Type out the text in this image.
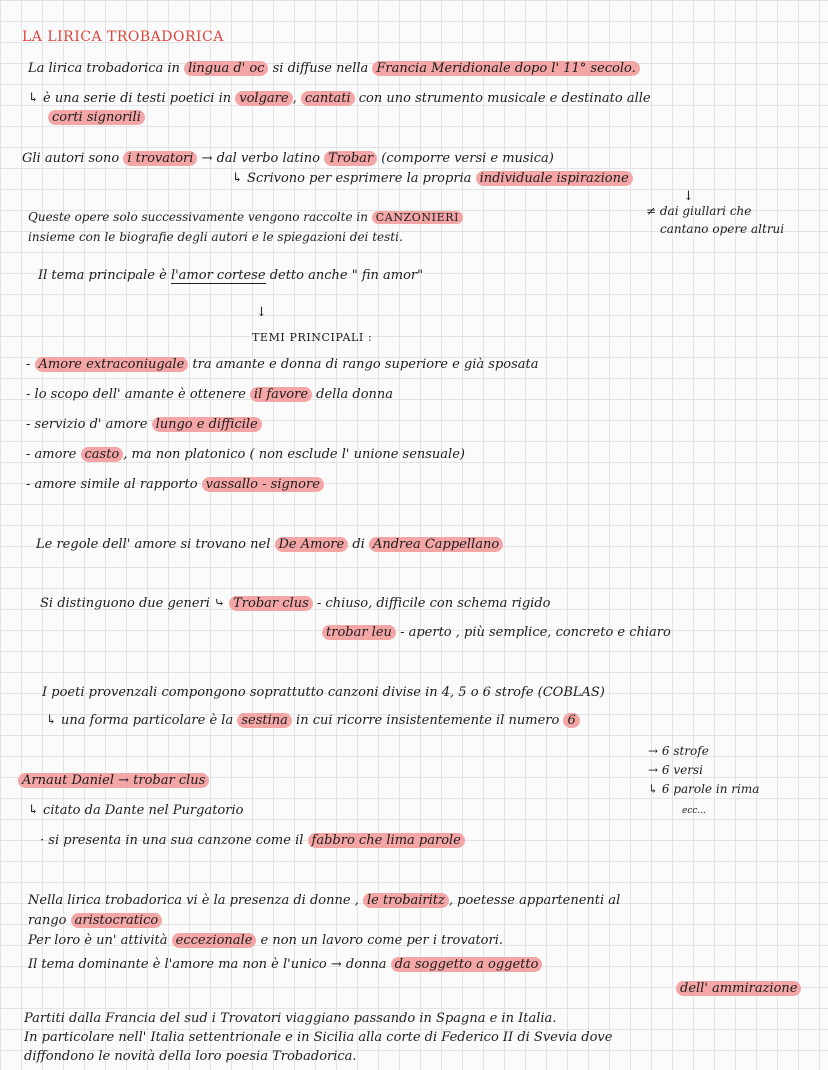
LA LIRICA TROBADORICA
La lirica trobadorica in lingua d' oc si diffuse nella Francia Meridionale dopo l' 11° secolo.
↳ è una serie di testi poetici in volgare , cantati con uno strumento musicale e destinato alle
corti signorili
Gli autori sono i trovatori → dal verbo latino Trobar (comporre versi e musica)
↳ Scrivono per esprimere la propria individuale ispirazione
Queste opere solo successivamente vengono raccolte in CANZONIERI
insieme con le biografie degli autori e le spiegazioni dei testi.
↓
≠ dai giullari che
cantano opere altrui
Il tema principale è l'amor cortese detto anche " fin amor"
↓
TEMI PRINCIPALI :
- Amore extraconiugale tra amante e donna di rango superiore e già sposata
- lo scopo dell' amante è ottenere il favore della donna
- servizio d' amore lungo e difficile
- amore casto , ma non platonico ( non esclude l' unione sensuale)
- amore simile al rapporto vassallo - signore
Le regole dell' amore si trovano nel De Amore di Andrea Cappellano
Si distinguono due generi ⤷ Trobar clus - chiuso, difficile con schema rigido
trobar leu - aperto , più semplice, concreto e chiaro
I poeti provenzali compongono soprattutto canzoni divise in 4, 5 o 6 strofe (COBLAS)
↳ una forma particolare è la sestina in cui ricorre insistentemente il numero 6
→ 6 strofe
→ 6 versi
↳ 6 parole in rima
ecc...
Arnaut Daniel → trobar clus
↳ citato da Dante nel Purgatorio
· si presenta in una sua canzone come il fabbro che lima parole
Nella lirica trobadorica vi è la presenza di donne , le trobairitz , poetesse appartenenti al
rango aristocratico
Per loro è un' attività eccezionale e non un lavoro come per i trovatori.
Il tema dominante è l'amore ma non è l'unico → donna da soggetto a oggetto
dell' ammirazione
Partiti dalla Francia del sud i Trovatori viaggiano passando in Spagna e in Italia.
In particolare nell' Italia settentrionale e in Sicilia alla corte di Federico II di Svevia dove
diffondono le novità della loro poesia Trobadorica.
